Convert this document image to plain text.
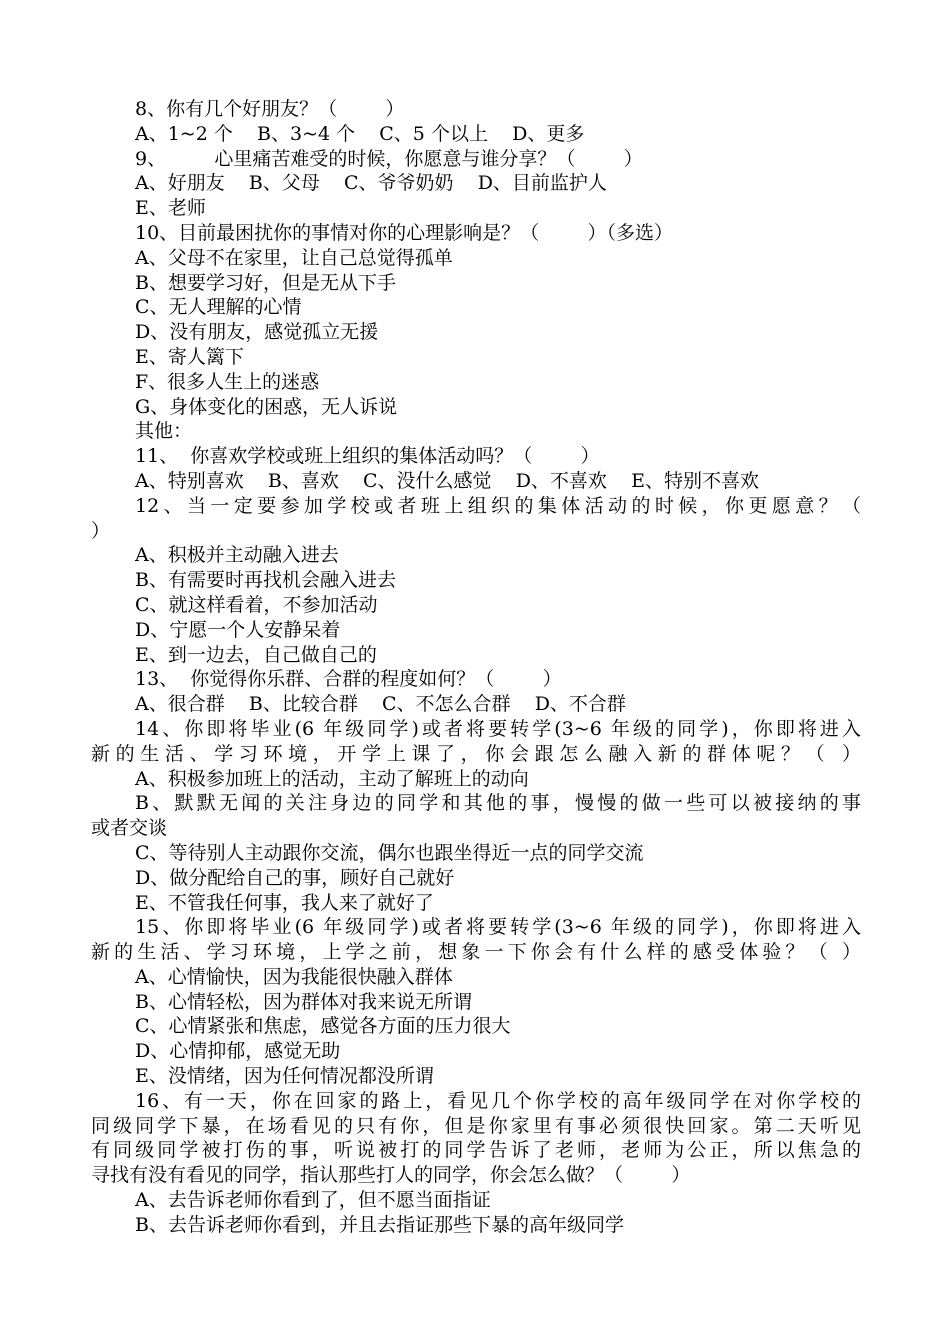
8、你有几个好朋友？（        ）
A、1~2 个    B、3~4 个    C、5 个以上    D、更多
9、        心里痛苦难受的时候，你愿意与谁分享？（        ）
A、好朋友    B、父母    C、爷爷奶奶    D、目前监护人
E、老师
10、目前最困扰你的事情对你的心理影响是？（        ）（多选）
A、父母不在家里，让自己总觉得孤单
B、想要学习好，但是无从下手
C、无人理解的心情
D、没有朋友，感觉孤立无援
E、寄人篱下
F、很多人生上的迷惑
G、身体变化的困惑，无人诉说
其他：
11、  你喜欢学校或班上组织的集体活动吗？（        ）
A、特别喜欢    B、喜欢    C、没什么感觉    D、不喜欢    E、特别不喜欢
12、当一定要参加学校或者班上组织的集体活动的时候，你更愿意？（
）
A、积极并主动融入进去
B、有需要时再找机会融入进去
C、就这样看着，不参加活动
D、宁愿一个人安静呆着
E、到一边去，自己做自己的
13、  你觉得你乐群、合群的程度如何？（        ）
A、很合群    B、比较合群    C、不怎么合群    D、不合群
14、你即将毕业(6 年级同学)或者将要转学(3~6 年级的同学)，你即将进入
新的生活、学习环境，开学上课了，你会跟怎么融入新的群体呢？（ ）
A、积极参加班上的活动，主动了解班上的动向
B、默默无闻的关注身边的同学和其他的事，慢慢的做一些可以被接纳的事
或者交谈
C、等待别人主动跟你交流，偶尔也跟坐得近一点的同学交流
D、做分配给自己的事，顾好自己就好
E、不管我任何事，我人来了就好了
15、你即将毕业(6 年级同学)或者将要转学(3~6 年级的同学)，你即将进入
新的生活、学习环境，上学之前，想象一下你会有什么样的感受体验？（ ）
A、心情愉快，因为我能很快融入群体
B、心情轻松，因为群体对我来说无所谓
C、心情紧张和焦虑，感觉各方面的压力很大
D、心情抑郁，感觉无助
E、没情绪，因为任何情况都没所谓
16、有一天，你在回家的路上，看见几个你学校的高年级同学在对你学校的
同级同学下暴，在场看见的只有你，但是你家里有事必须很快回家。第二天听见
有同级同学被打伤的事，听说被打的同学告诉了老师，老师为公正，所以焦急的
寻找有没有看见的同学，指认那些打人的同学，你会怎么做？（        ）
A、去告诉老师你看到了，但不愿当面指证
B、去告诉老师你看到，并且去指证那些下暴的高年级同学
